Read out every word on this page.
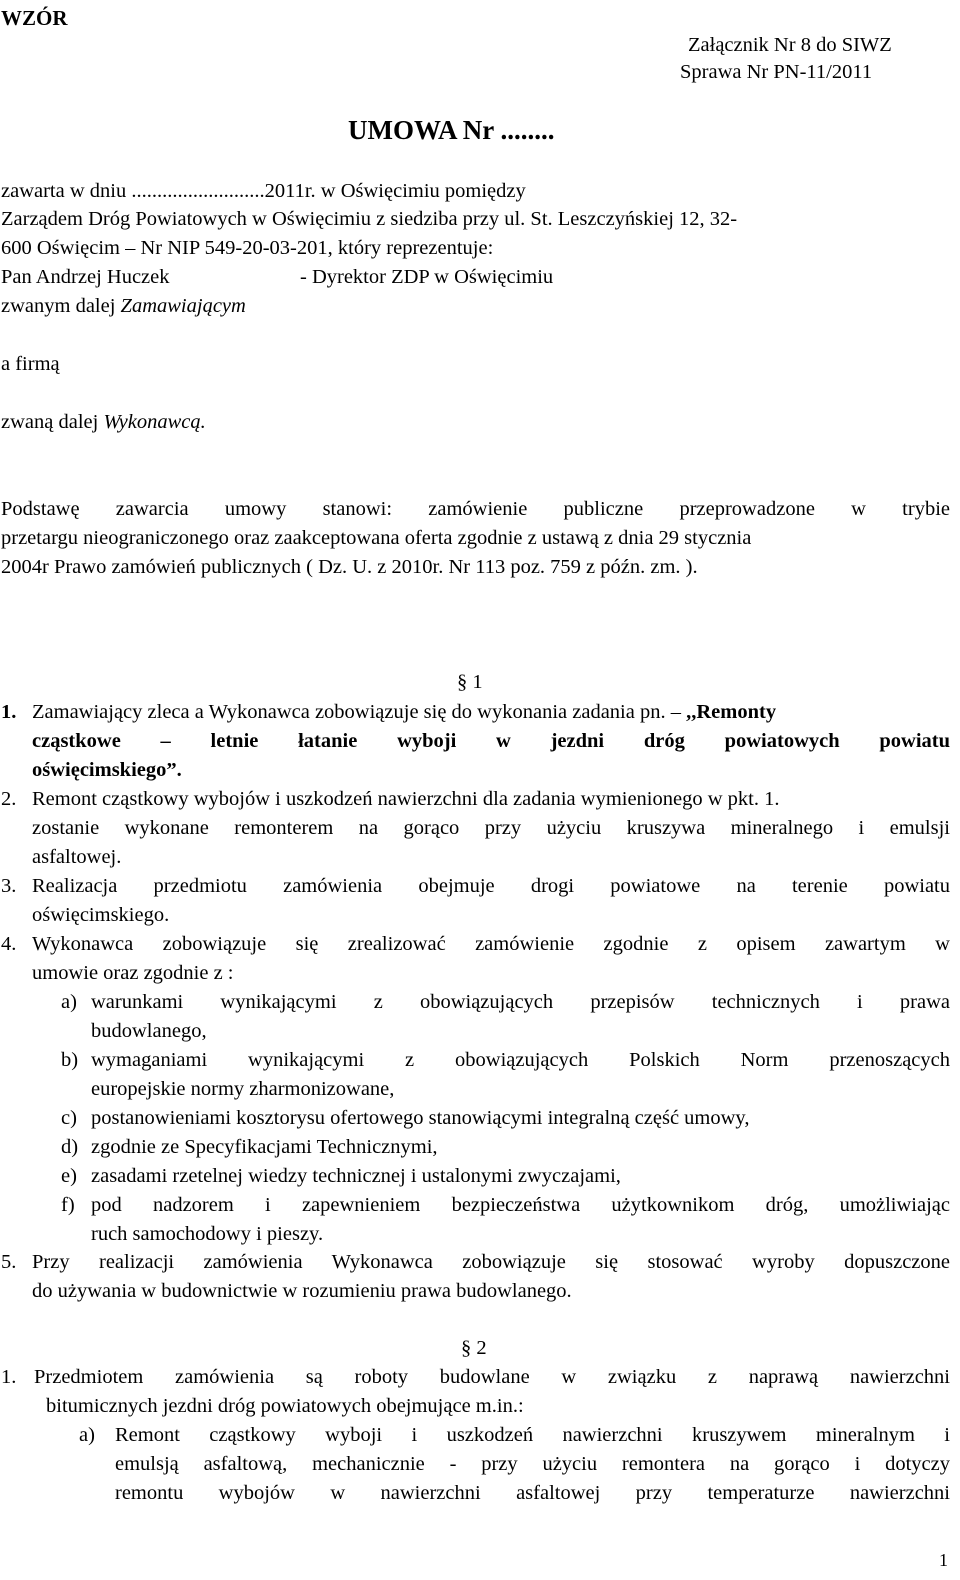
WZÓR
Załącznik Nr 8 do SIWZ
Sprawa Nr PN-11/2011
UMOWA Nr ........
zawarta w dniu ..........................2011r. w Oświęcimiu pomiędzy
Zarządem Dróg Powiatowych w Oświęcimiu z siedziba przy ul. St. Leszczyńskiej 12, 32-
600 Oświęcim – Nr NIP 549-20-03-201, który reprezentuje:
Pan Andrzej Huczek	- Dyrektor ZDP w Oświęcimiu
zwanym dalej Zamawiającym
a firmą
zwaną dalej Wykonawcą.
Podstawę zawarcia umowy stanowi: zamówienie publiczne przeprowadzone w trybie
przetargu nieograniczonego oraz zaakceptowana oferta zgodnie z ustawą z dnia 29 stycznia
2004r Prawo zamówień publicznych ( Dz. U. z 2010r. Nr 113 poz. 759 z późn. zm. ).
§ 1
1. Zamawiający zleca a Wykonawca zobowiązuje się do wykonania zadania pn. – ,,Remonty
cząstkowe – letnie łatanie wyboji w jezdni dróg powiatowych powiatu
oświęcimskiego”.
2. Remont cząstkowy wybojów i uszkodzeń nawierzchni dla zadania wymienionego w pkt. 1.
zostanie wykonane remonterem na gorąco przy użyciu kruszywa mineralnego i emulsji
asfaltowej.
3. Realizacja przedmiotu zamówienia obejmuje drogi powiatowe na terenie powiatu
oświęcimskiego.
4. Wykonawca zobowiązuje się zrealizować zamówienie zgodnie z opisem zawartym w
umowie oraz zgodnie z :
a) warunkami wynikającymi z obowiązujących przepisów technicznych i prawa
budowlanego,
b) wymaganiami wynikającymi z obowiązujących Polskich Norm przenoszących
europejskie normy zharmonizowane,
c) postanowieniami kosztorysu ofertowego stanowiącymi integralną część umowy,
d) zgodnie ze Specyfikacjami Technicznymi,
e) zasadami rzetelnej wiedzy technicznej i ustalonymi zwyczajami,
f) pod nadzorem i zapewnieniem bezpieczeństwa użytkownikom dróg, umożliwiając
ruch samochodowy i pieszy.
5. Przy realizacji zamówienia Wykonawca zobowiązuje się stosować wyroby dopuszczone
do używania w budownictwie w rozumieniu prawa budowlanego.
§ 2
1. Przedmiotem zamówienia są roboty budowlane w związku z naprawą nawierzchni
bitumicznych jezdni dróg powiatowych obejmujące m.in.:
a) Remont cząstkowy wyboji i uszkodzeń nawierzchni kruszywem mineralnym i
emulsją asfaltową, mechanicznie - przy użyciu remontera na gorąco i dotyczy
remontu wybojów w nawierzchni asfaltowej przy temperaturze nawierzchni
1
